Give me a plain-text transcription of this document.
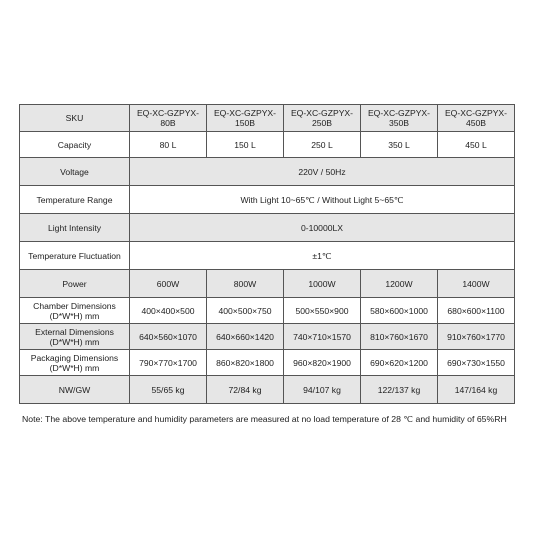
SKU	EQ-XC-GZPYX-80B	EQ-XC-GZPYX-150B	EQ-XC-GZPYX-250B	EQ-XC-GZPYX-350B	EQ-XC-GZPYX-450B
Capacity	80 L	150 L	250 L	350 L	450 L
Voltage	220V / 50Hz				
Temperature Range	With Light 10~65℃ / Without Light 5~65℃				
Light Intensity	0-10000LX				
Temperature Fluctuation	±1℃				
Power	600W	800W	1000W	1200W	1400W
Chamber Dimensions (D*W*H) mm	400×400×500	400×500×750	500×550×900	580×600×1000	680×600×1100
External Dimensions (D*W*H) mm	640×560×1070	640×660×1420	740×710×1570	810×760×1670	910×760×1770
Packaging Dimensions (D*W*H) mm	790×770×1700	860×820×1800	960×820×1900	690×620×1200	690×730×1550
NW/GW	55/65 kg	72/84 kg	94/107 kg	122/137 kg	147/164 kg
Note: The above temperature and humidity parameters are measured at no load temperature of 28 ℃ and humidity of 65%RH
